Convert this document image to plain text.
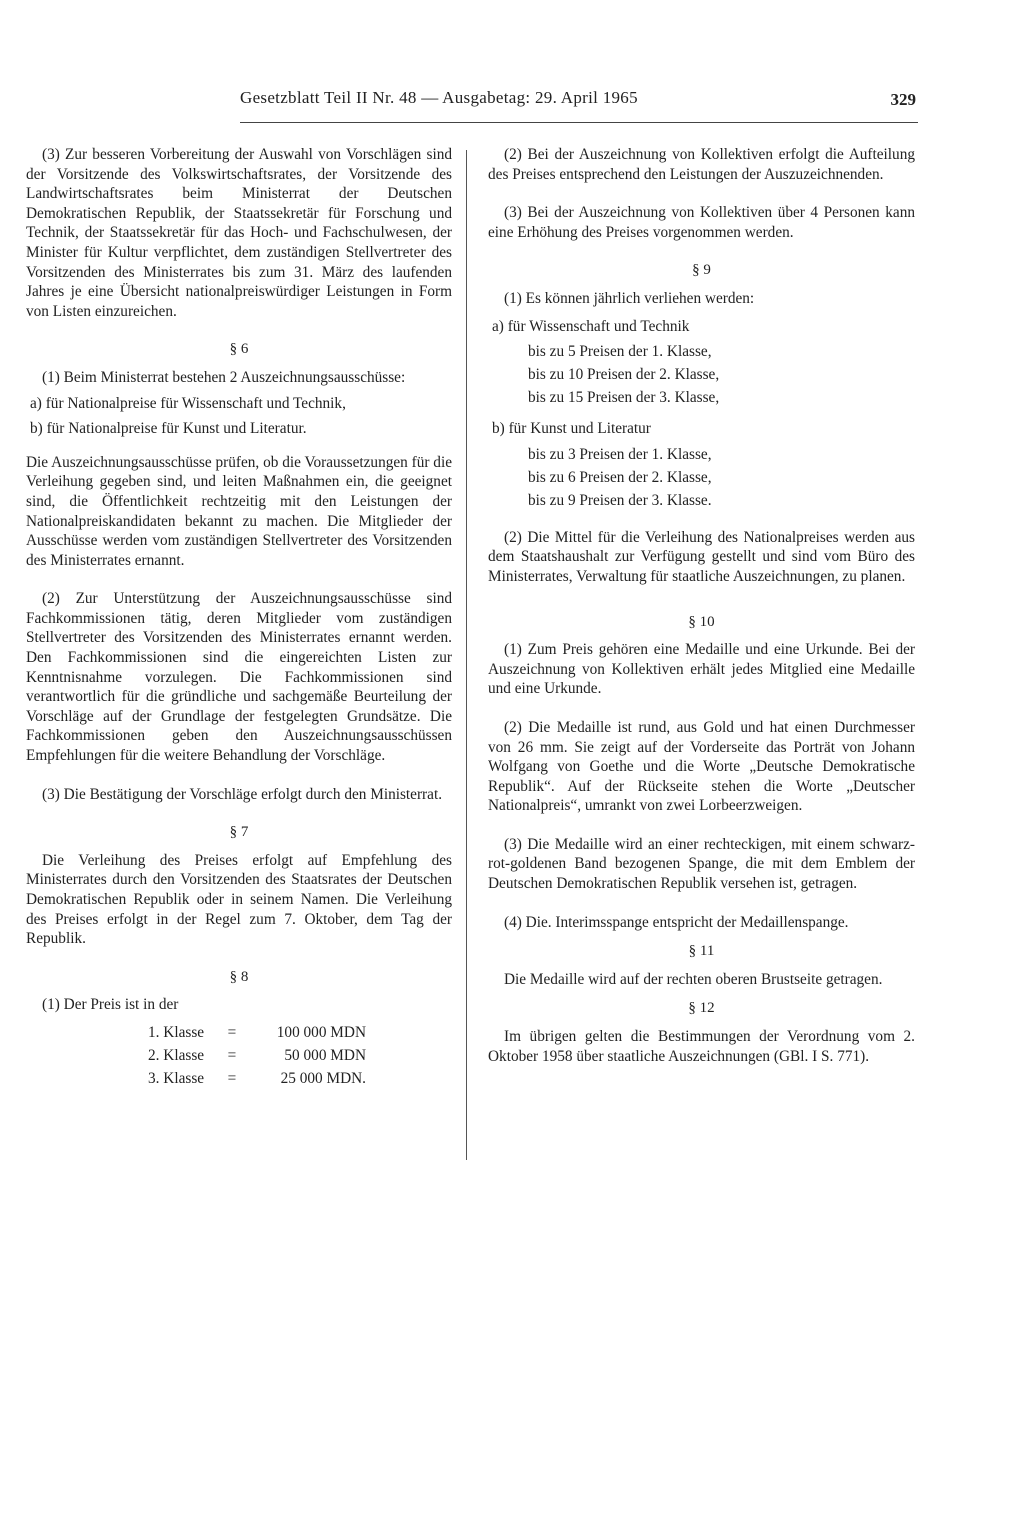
Gesetzblatt Teil II Nr. 48 — Ausgabetag: 29. April 1965	329

(3) Zur besseren Vorbereitung der Auswahl von Vorschlägen sind der Vorsitzende des Volkswirtschaftsrates, der Vorsitzende des Landwirtschaftsrates beim Ministerrat der Deutschen Demokratischen Republik, der Staatssekretär für Forschung und Technik, der Staatssekretär für das Hoch- und Fachschulwesen, der Minister für Kultur verpflichtet, dem zuständigen Stellvertreter des Vorsitzenden des Ministerrates bis zum 31. März des laufenden Jahres je eine Übersicht nationalpreiswürdiger Leistungen in Form von Listen einzureichen.

§ 6

(1) Beim Ministerrat bestehen 2 Auszeichnungsausschüsse:

a) für Nationalpreise für Wissenschaft und Technik,
b) für Nationalpreise für Kunst und Literatur.

Die Auszeichnungsausschüsse prüfen, ob die Voraussetzungen für die Verleihung gegeben sind, und leiten Maßnahmen ein, die geeignet sind, die Öffentlichkeit rechtzeitig mit den Leistungen der Nationalpreiskandidaten bekannt zu machen. Die Mitglieder der Ausschüsse werden vom zuständigen Stellvertreter des Vorsitzenden des Ministerrates ernannt.

(2) Zur Unterstützung der Auszeichnungsausschüsse sind Fachkommissionen tätig, deren Mitglieder vom zuständigen Stellvertreter des Vorsitzenden des Ministerrates ernannt werden. Den Fachkommissionen sind die eingereichten Listen zur Kenntnisnahme vorzulegen. Die Fachkommissionen sind verantwortlich für die gründliche und sachgemäße Beurteilung der Vorschläge auf der Grundlage der festgelegten Grundsätze. Die Fachkommissionen geben den Auszeichnungsausschüssen Empfehlungen für die weitere Behandlung der Vorschläge.

(3) Die Bestätigung der Vorschläge erfolgt durch den Ministerrat.

§ 7

Die Verleihung des Preises erfolgt auf Empfehlung des Ministerrates durch den Vorsitzenden des Staatsrates der Deutschen Demokratischen Republik oder in seinem Namen. Die Verleihung des Preises erfolgt in der Regel zum 7. Oktober, dem Tag der Republik.

§ 8

(1) Der Preis ist in der

1. Klasse	=	100 000 MDN
2. Klasse	=	50 000 MDN
3. Klasse	=	25 000 MDN.

(2) Bei der Auszeichnung von Kollektiven erfolgt die Aufteilung des Preises entsprechend den Leistungen der Auszuzeichnenden.

(3) Bei der Auszeichnung von Kollektiven über 4 Personen kann eine Erhöhung des Preises vorgenommen werden.

§ 9

(1) Es können jährlich verliehen werden:

a) für Wissenschaft und Technik
bis zu 5 Preisen der 1. Klasse,
bis zu 10 Preisen der 2. Klasse,
bis zu 15 Preisen der 3. Klasse,
b) für Kunst und Literatur
bis zu 3 Preisen der 1. Klasse,
bis zu 6 Preisen der 2. Klasse,
bis zu 9 Preisen der 3. Klasse.

(2) Die Mittel für die Verleihung des Nationalpreises werden aus dem Staatshaushalt zur Verfügung gestellt und sind vom Büro des Ministerrates, Verwaltung für staatliche Auszeichnungen, zu planen.

§ 10

(1) Zum Preis gehören eine Medaille und eine Urkunde. Bei der Auszeichnung von Kollektiven erhält jedes Mitglied eine Medaille und eine Urkunde.

(2) Die Medaille ist rund, aus Gold und hat einen Durchmesser von 26 mm. Sie zeigt auf der Vorderseite das Porträt von Johann Wolfgang von Goethe und die Worte „Deutsche Demokratische Republik“. Auf der Rückseite stehen die Worte „Deutscher Nationalpreis“, umrankt von zwei Lorbeerzweigen.

(3) Die Medaille wird an einer rechteckigen, mit einem schwarz-rot-goldenen Band bezogenen Spange, die mit dem Emblem der Deutschen Demokratischen Republik versehen ist, getragen.

(4) Die. Interimsspange entspricht der Medaillenspange.

§ 11

Die Medaille wird auf der rechten oberen Brustseite getragen.

§ 12

Im übrigen gelten die Bestimmungen der Verordnung vom 2. Oktober 1958 über staatliche Auszeichnungen (GBl. I S. 771).
